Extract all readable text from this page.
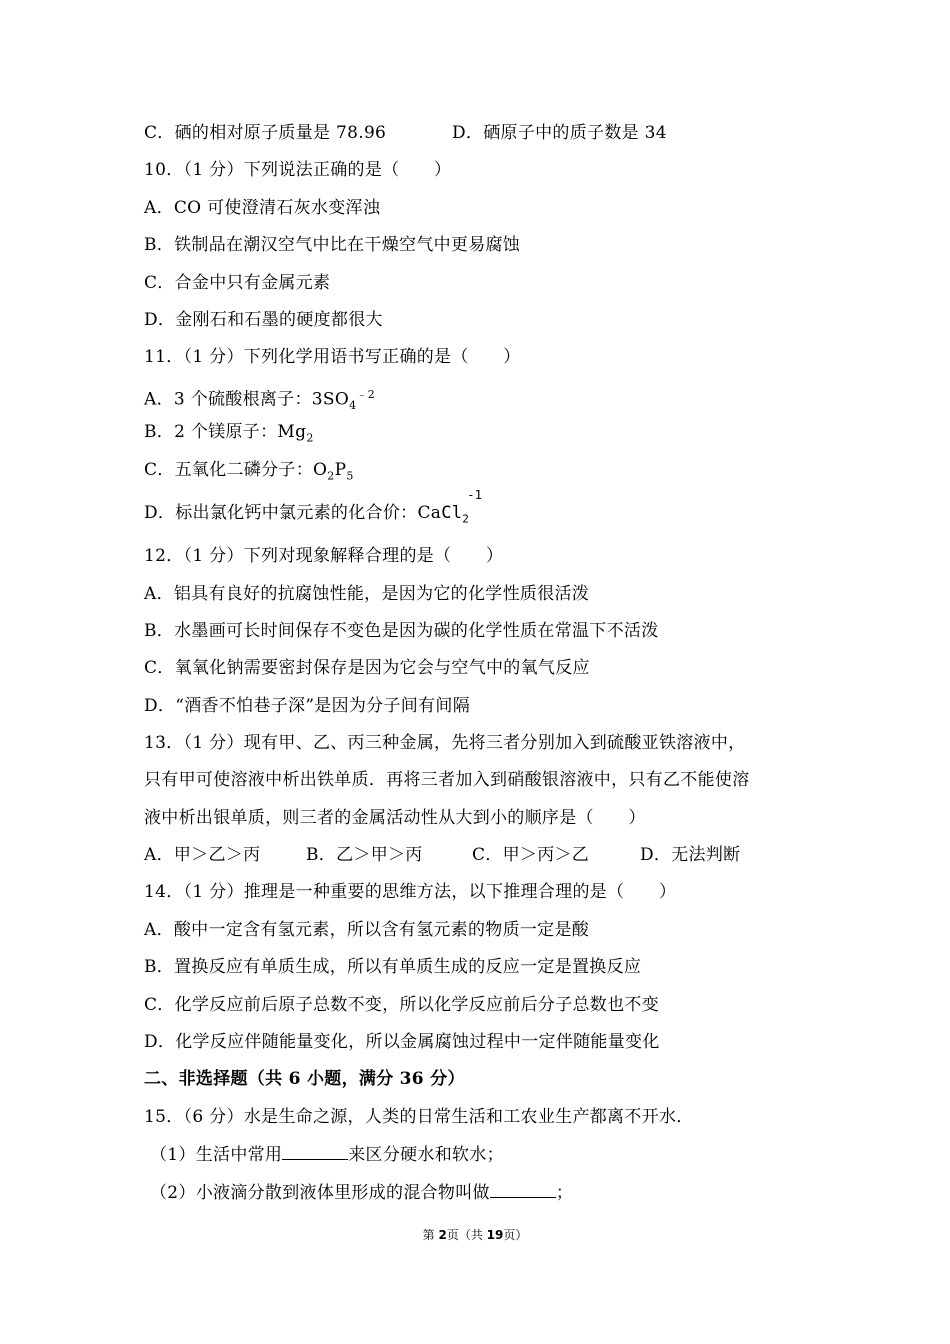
C．硒的相对原子质量是 78.96	D．硒原子中的质子数是 34
10．（1 分）下列说法正确的是（　　）
A．CO 可使澄清石灰水变浑浊
B．铁制品在潮汉空气中比在干燥空气中更易腐蚀
C．合金中只有金属元素
D．金刚石和石墨的硬度都很大
11．（1 分）下列化学用语书写正确的是（　　）
A．3 个硫酸根离子：$3SO_4^{﹣2}$
B．2 个镁原子：$Mg_2$
C．五氧化二磷分子：$O_2P_5$
D．标出氯化钙中氯元素的化合价：Ca
-1
$Cl_2$
12．（1 分）下列对现象解释合理的是（　　）
A．铝具有良好的抗腐蚀性能，是因为它的化学性质很活泼
B．水墨画可长时间保存不变色是因为碳的化学性质在常温下不活泼
C．氧氧化钠需要密封保存是因为它会与空气中的氧气反应
D．“酒香不怕巷子深”是因为分子间有间隔
13．（1 分）现有甲、乙、丙三种金属，先将三者分别加入到硫酸亚铁溶液中，
只有甲可使溶液中析出铁单质．再将三者加入到硝酸银溶液中，只有乙不能使溶
液中析出银单质，则三者的金属活动性从大到小的顺序是（　　）
A．甲＞乙＞丙	B．乙＞甲＞丙	C．甲＞丙＞乙	D．无法判断
14．（1 分）推理是一种重要的思维方法，以下推理合理的是（　　）
A．酸中一定含有氢元素，所以含有氢元素的物质一定是酸
B．置换反应有单质生成，所以有单质生成的反应一定是置换反应
C．化学反应前后原子总数不变，所以化学反应前后分子总数也不变
D．化学反应伴随能量变化，所以金属腐蚀过程中一定伴随能量变化
二、非选择题（共 6 小题，满分 36 分）
15．（6 分）水是生命之源，人类的日常生活和工农业生产都离不开水．
（1）生活中常用	来区分硬水和软水；
（2）小液滴分散到液体里形成的混合物叫做	；
第 2页（共 19页）
